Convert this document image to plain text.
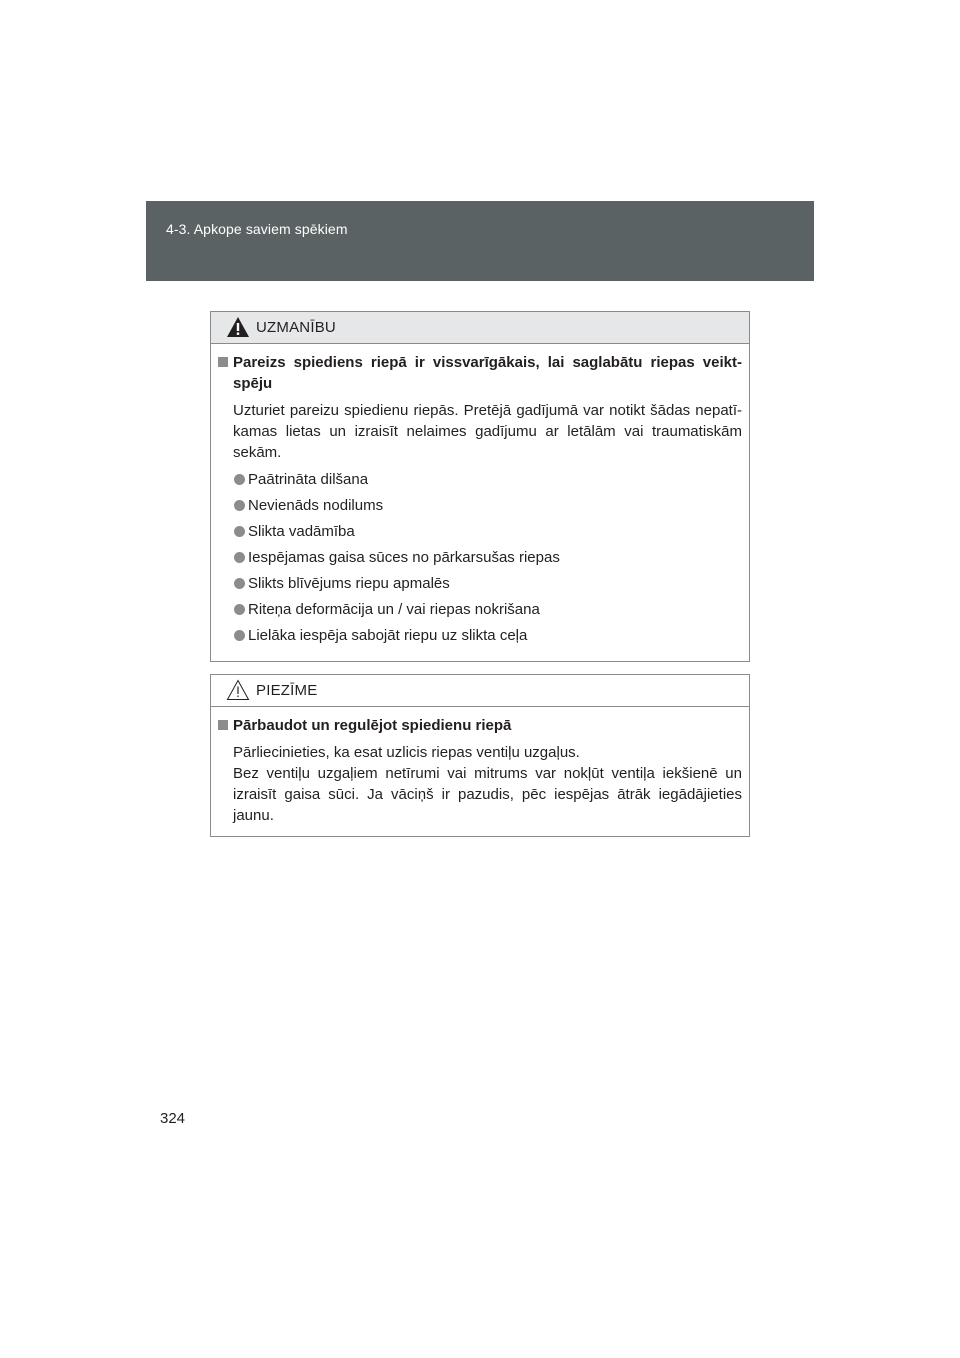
4-3. Apkope saviem spēkiem
UZMANĪBU
Pareizs spiediens riepā ir vissvarīgākais, lai saglabātu riepas veikt-spēju
Uzturiet pareizu spiedienu riepās. Pretējā gadījumā var notikt šādas nepatī-kamas lietas un izraisīt nelaimes gadījumu ar letālām vai traumatiskām sekām.
Paātrināta dilšana
Nevienāds nodilums
Slikta vadāmība
Iespējamas gaisa sūces no pārkarsušas riepas
Slikts blīvējums riepu apmalēs
Riteņa deformācija un / vai riepas nokrišana
Lielāka iespēja sabojāt riepu uz slikta ceļa
PIEZĪME
Pārbaudot un regulējot spiedienu riepā
Pārliecinieties, ka esat uzlicis riepas ventiļu uzgaļus.
Bez ventiļu uzgaļiem netīrumi vai mitrums var nokļūt ventiļa iekšienē un izraisīt gaisa sūci. Ja vāciņš ir pazudis, pēc iespējas ātrāk iegādājieties jaunu.
324
